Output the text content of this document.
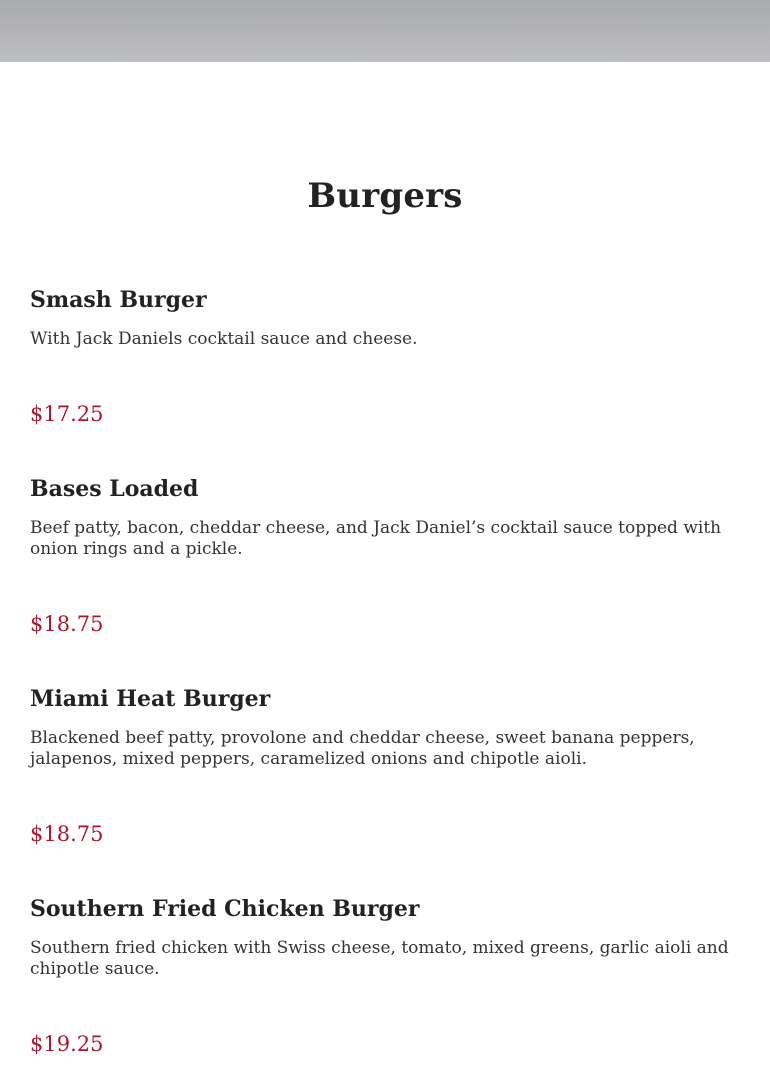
Burgers
Smash Burger

With Jack Daniels cocktail sauce and cheese.

$17.25
Bases Loaded

Beef patty, bacon, cheddar cheese, and Jack Daniel’s cocktail sauce topped with onion rings and a pickle.

$18.75
Miami Heat Burger

Blackened beef patty, provolone and cheddar cheese, sweet banana peppers, jalapenos, mixed peppers, caramelized onions and chipotle aioli.

$18.75
Southern Fried Chicken Burger

Southern fried chicken with Swiss cheese, tomato, mixed greens, garlic aioli and chipotle sauce.

$19.25
